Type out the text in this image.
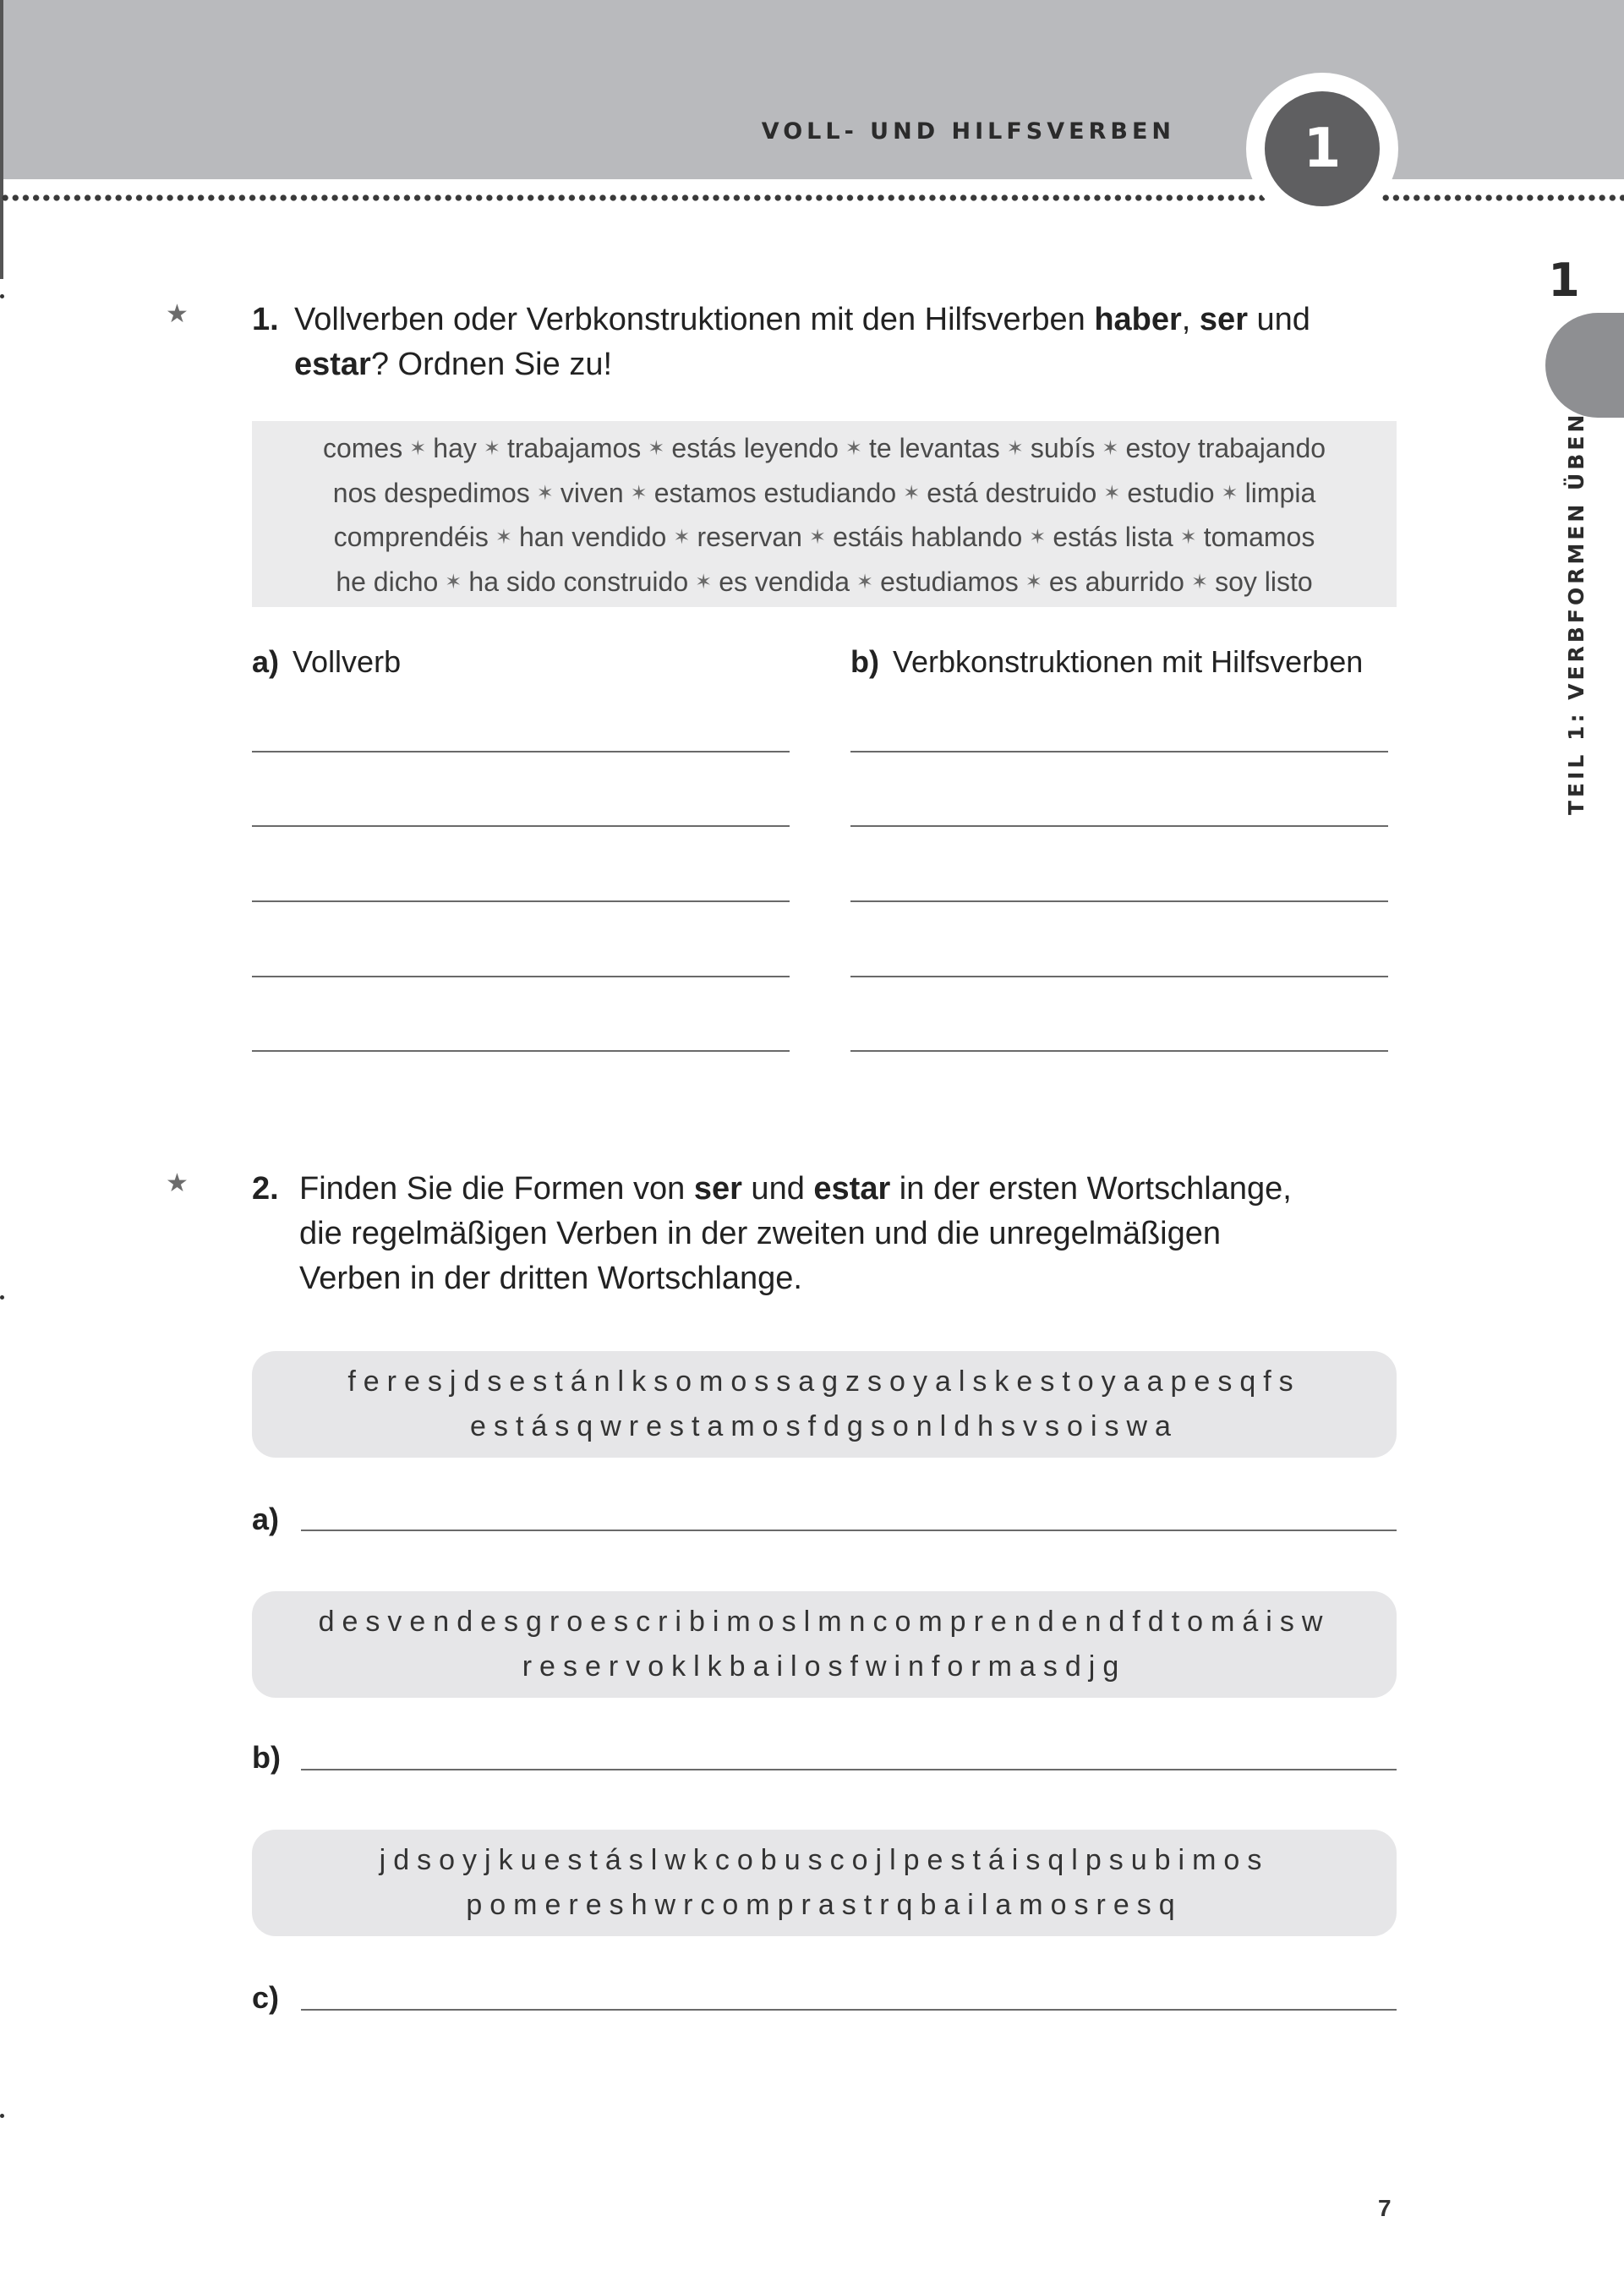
VOLL- UND HILFSVERBEN	1
1
TEIL 1: VERBFORMEN ÜBEN
★ 1. Vollverben oder Verbkonstruktionen mit den Hilfsverben haber, ser und
estar? Ordnen Sie zu!
comes ✶ hay ✶ trabajamos ✶ estás leyendo ✶ te levantas ✶ subís ✶ estoy trabajando
nos despedimos ✶ viven ✶ estamos estudiando ✶ está destruido ✶ estudio ✶ limpia
comprendéis ✶ han vendido ✶ reservan ✶ estáis hablando ✶ estás lista ✶ tomamos
he dicho ✶ ha sido construido ✶ es vendida ✶ estudiamos ✶ es aburrido ✶ soy listo
a) Vollverb	b) Verbkonstruktionen mit Hilfsverben
★ 2. Finden Sie die Formen von ser und estar in der ersten Wortschlange,
die regelmäßigen Verben in der zweiten und die unregelmäßigen
Verben in der dritten Wortschlange.
feresjdsestánlksomossagzsoyalskestoyaapesqfs
estásqwrestamosfdgsonldhsvsoiswa
a)
desvendesgroescribimoslmncomprendendfdtomáisw
reservoklkbailosfwinformasdjg
b)
jdsoyjkuestáslwkcobuscojlpestáisqlpsubimos
pomereshwrcomprastrqbailamosresq
c)
7
